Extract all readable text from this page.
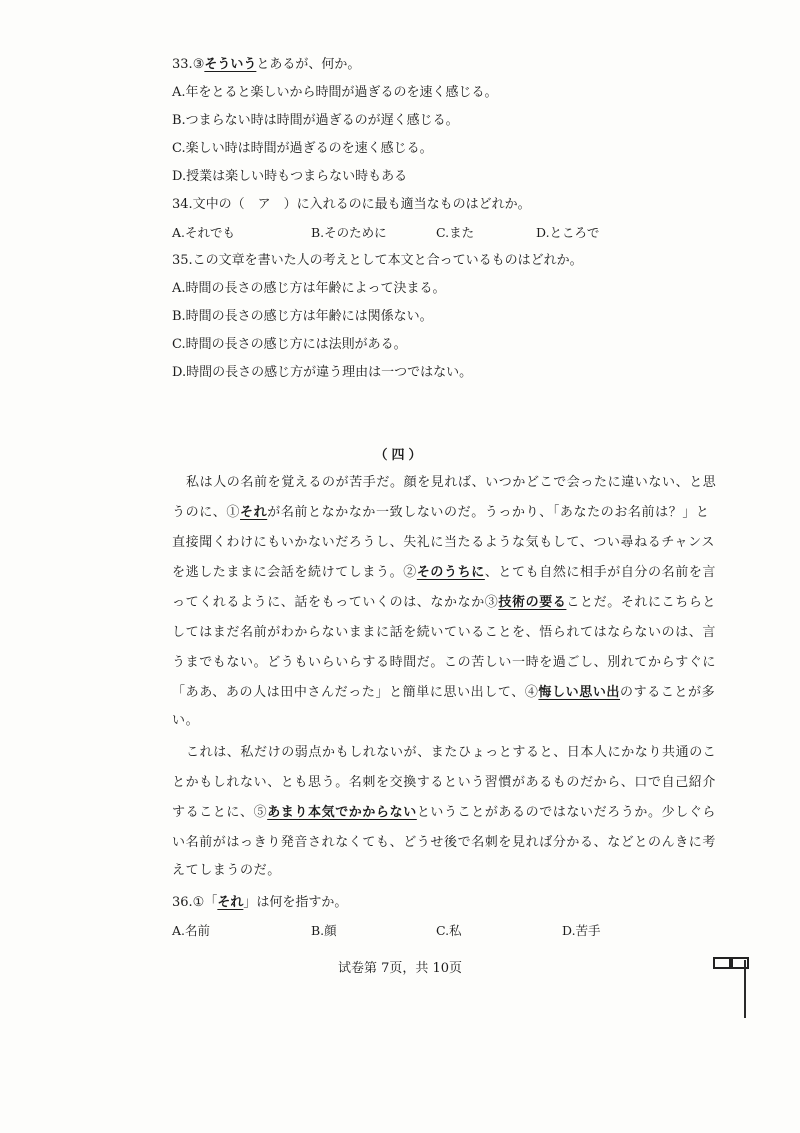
33.③そういうとあるが、何か。
A.年をとると楽しいから時間が過ぎるのを速く感じる。
B.つまらない時は時間が過ぎるのが遅く感じる。
C.楽しい時は時間が過ぎるのを速く感じる。
D.授業は楽しい時もつまらない時もある
34.文中の（　ア　）に入れるのに最も適当なものはどれか。
A.それでも	B.そのために	C.また	D.ところで
35.この文章を書いた人の考えとして本文と合っているものはどれか。
A.時間の長さの感じ方は年齢によって決まる。
B.時間の長さの感じ方は年齢には関係ない。
C.時間の長さの感じ方には法則がある。
D.時間の長さの感じ方が違う理由は一つではない。
（四）
私は人の名前を覚えるのが苦手だ。顔を見れば、いつかどこで会ったに違いない、と思
うのに、①それが名前となかなか一致しないのだ。うっかり、「あなたのお名前は？」と
直接聞くわけにもいかないだろうし、失礼に当たるような気もして、つい尋ねるチャンス
を逃したままに会話を続けてしまう。②そのうちに、とても自然に相手が自分の名前を言
ってくれるように、話をもっていくのは、なかなか③技術の要ることだ。それにこちらと
してはまだ名前がわからないままに話を続いていることを、悟られてはならないのは、言
うまでもない。どうもいらいらする時間だ。この苦しい一時を過ごし、別れてからすぐに
「ああ、あの人は田中さんだった」と簡単に思い出して、④悔しい思い出のすることが多
い。
これは、私だけの弱点かもしれないが、またひょっとすると、日本人にかなり共通のこ
とかもしれない、とも思う。名刺を交換するという習慣があるものだから、口で自己紹介
することに、⑤あまり本気でかからないということがあるのではないだろうか。少しぐら
い名前がはっきり発音されなくても、どうせ後で名刺を見れば分かる、などとのんきに考
えてしまうのだ。
36.①「それ」は何を指すか。
A.名前	B.顔	C.私	D.苦手
试卷第 7页，共 10页
